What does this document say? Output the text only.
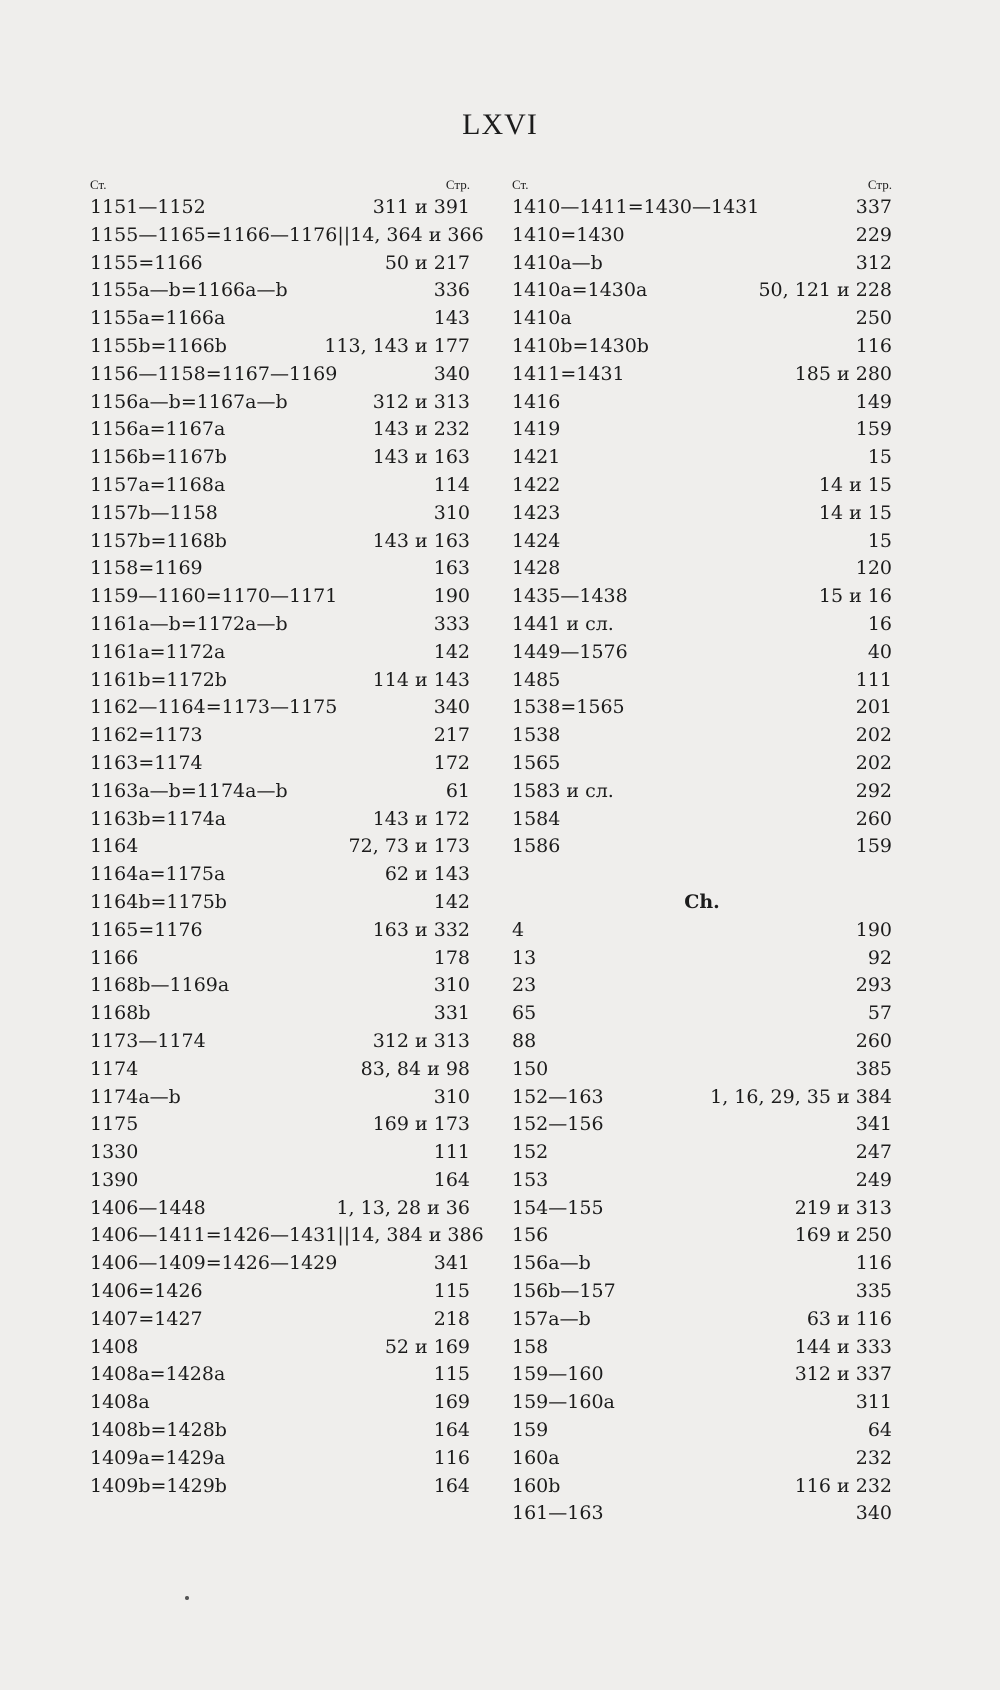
LXVI
Ст.	Стр.
1151—1152	311 и 391
1155—1165=1166—1176||14, 364 и 366
1155=1166	50 и 217
1155a—b=1166a—b	336
1155a=1166a	143
1155b=1166b	113, 143 и 177
1156—1158=1167—1169	340
1156a—b=1167a—b	312 и 313
1156a=1167a	143 и 232
1156b=1167b	143 и 163
1157a=1168a	114
1157b—1158	310
1157b=1168b	143 и 163
1158=1169	163
1159—1160=1170—1171	190
1161a—b=1172a—b	333
1161a=1172a	142
1161b=1172b	114 и 143
1162—1164=1173—1175	340
1162=1173	217
1163=1174	172
1163a—b=1174a—b	61
1163b=1174a	143 и 172
1164	72, 73 и 173
1164a=1175a	62 и 143
1164b=1175b	142
1165=1176	163 и 332
1166	178
1168b—1169a	310
1168b	331
1173—1174	312 и 313
1174	83, 84 и 98
1174a—b	310
1175	169 и 173
1330	111
1390	164
1406—1448	1, 13, 28 и 36
1406—1411=1426—1431||14, 384 и 386
1406—1409=1426—1429	341
1406=1426	115
1407=1427	218
1408	52 и 169
1408a=1428a	115
1408a	169
1408b=1428b	164
1409a=1429a	116
1409b=1429b	164
Ст.	Стр.
1410—1411=1430—1431	337
1410=1430	229
1410a—b	312
1410a=1430a	50, 121 и 228
1410a	250
1410b=1430b	116
1411=1431	185 и 280
1416	149
1419	159
1421	15
1422	14 и 15
1423	14 и 15
1424	15
1428	120
1435—1438	15 и 16
1441 и сл.	16
1449—1576	40
1485	111
1538=1565	201
1538	202
1565	202
1583 и сл.	292
1584	260
1586	159
Ch.
4	190
13	92
23	293
65	57
88	260
150	385
152—163	1, 16, 29, 35 и 384
152—156	341
152	247
153	249
154—155	219 и 313
156	169 и 250
156a—b	116
156b—157	335
157a—b	63 и 116
158	144 и 333
159—160	312 и 337
159—160a	311
159	64
160a	232
160b	116 и 232
161—163	340
